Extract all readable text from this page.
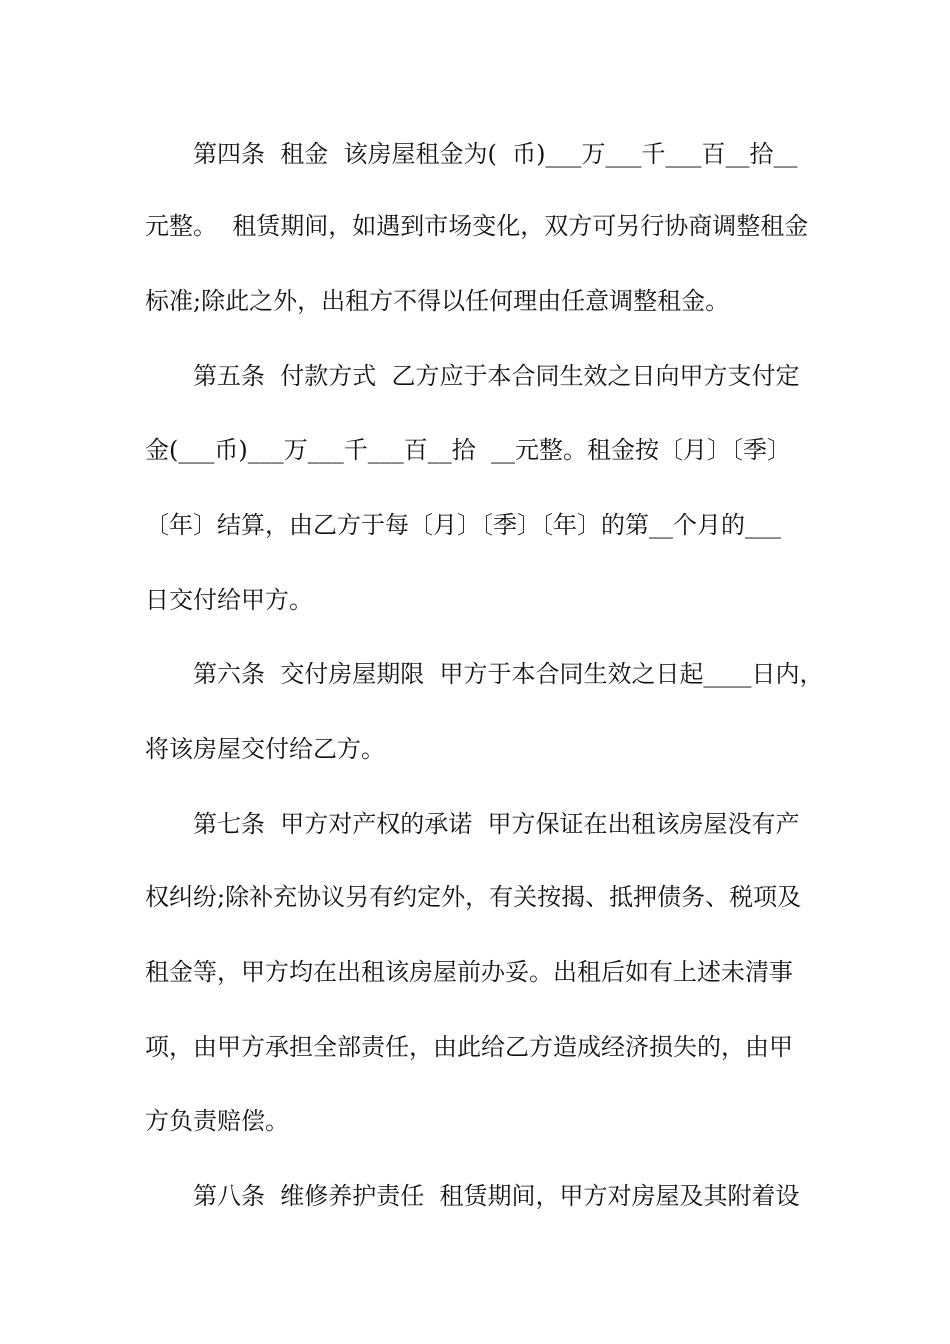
第四条  租金  该房屋租金为(  币)___万___千___百__拾__
元整。  租赁期间，如遇到市场变化，双方可另行协商调整租金
标准;除此之外，出租方不得以任何理由任意调整租金。
第五条  付款方式  乙方应于本合同生效之日向甲方支付定
金(___币)___万___千___百__拾  __元整。租金按〔月〕〔季〕
〔年〕结算，由乙方于每〔月〕〔季〕〔年〕的第__个月的___
日交付给甲方。
第六条  交付房屋期限  甲方于本合同生效之日起____日内，
将该房屋交付给乙方。
第七条  甲方对产权的承诺  甲方保证在出租该房屋没有产
权纠纷;除补充协议另有约定外，有关按揭、抵押债务、税项及
租金等，甲方均在出租该房屋前办妥。出租后如有上述未清事
项，由甲方承担全部责任，由此给乙方造成经济损失的，由甲
方负责赔偿。
第八条  维修养护责任  租赁期间，甲方对房屋及其附着设
